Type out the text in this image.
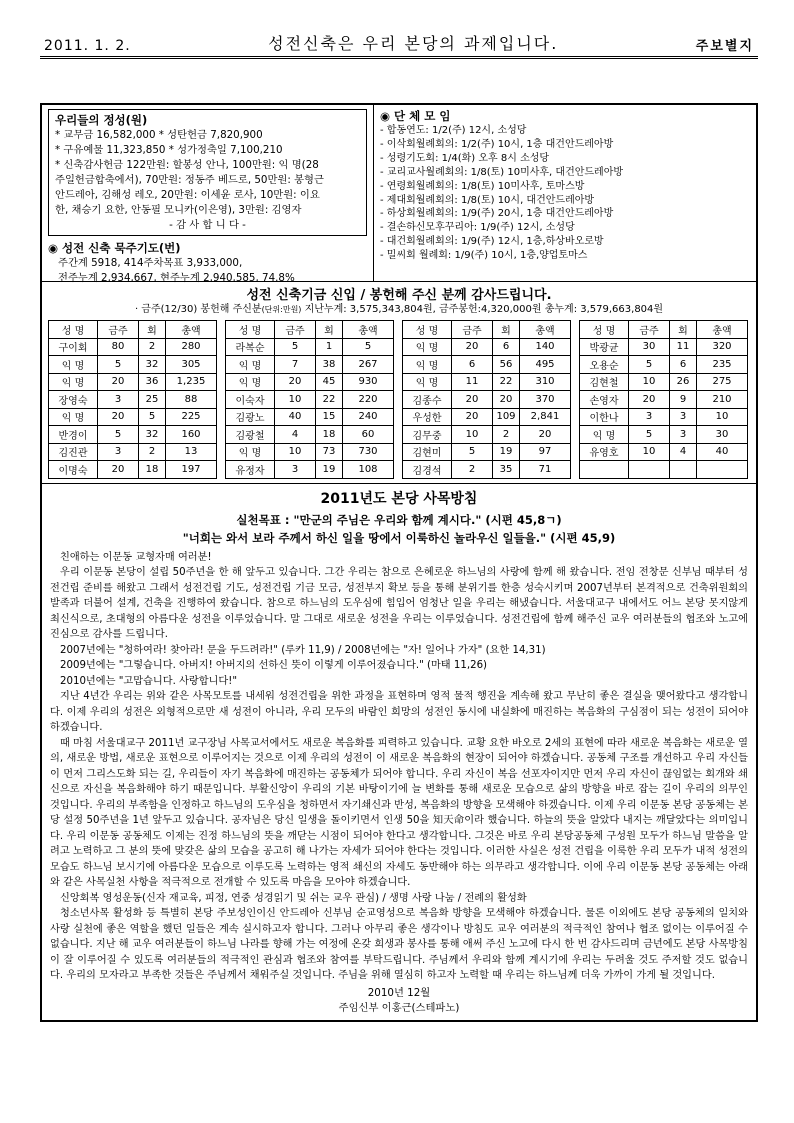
2011. 1. 2.	성전신축은 우리 본당의 과제입니다.	주보별지
우리들의 정성(원)
* 교무금 16,582,000 * 성탄헌금 7,820,900
* 구유예물 11,323,850 * 성가정축일 7,100,210
* 신축감사헌금 122만원: 할봉성 안나, 100만원: 익 명(28
주일헌금합축에서), 70만원: 정동주 베드로, 50만원: 봉형근
안드레아, 김해성 레오, 20만원: 이세윤 로사, 10만원: 이요
한, 채승기 요한, 안동필 모니카(이은영), 3만원: 김영자
- 감 사 합 니 다 -
◉ 성전 신축 묵주기도(번)
주간계 5918, 414주차목표 3,933,000,
전주누계 2,934,667, 현주누계 2,940,585, 74.8%
◉ 단 체 모 임
- 합동연도: 1/2(주) 12시, 소성당
- 이삭회월례회의: 1/2(주) 10시, 1층 대건안드레아방
- 성령기도회: 1/4(화) 오후 8시 소성당
- 교리교사월례회의: 1/8(토) 10미사후, 대건안드레아방
- 연령회월례회의: 1/8(토) 10미사후, 토마스방
- 제대회월례회의: 1/8(토) 10시, 대건안드레아방
- 하상회월례회의: 1/9(주) 20시, 1층 대건안드레아방
- 결손하신모후꾸리아: 1/9(주) 12시, 소성당
- 대건회월례회의: 1/9(주) 12시, 1층,하상바오로방
- 밀씨회 월례회: 1/9(주) 10시, 1층,양업토마스
성전 신축기금 신입 / 봉헌해 주신 분께 감사드립니다.
· 금주(12/30) 봉헌해 주신분(단위:만원) 지난누계: 3,575,343,804원, 금주봉헌:4,320,000원 총누계: 3,579,663,804원
성 명	금주	회	총액
구이회	80	2	280
익 명	5	32	305
익 명	20	36	1,235
장영숙	3	25	88
익 명	20	5	225
반경이	5	32	160
김진관	3	2	13
이명숙	20	18	197
성 명	금주	회	총액
라복순	5	1	5
익 명	7	38	267
익 명	20	45	930
이숙자	10	22	220
김광노	40	15	240
김광철	4	18	60
익 명	10	73	730
유정자	3	19	108
성 명	금주	회	총액
익 명	20	6	140
익 명	6	56	495
익 명	11	22	310
김종수	20	20	370
우성한	20	109	2,841
김무중	10	2	20
김현미	5	19	97
김경석	2	35	71
성 명	금주	회	총액
박광균	30	11	320
오용순	5	6	235
김현철	10	26	275
손영자	20	9	210
이한나	3	3	10
익 명	5	3	30
유영호	10	4	40

2011년도 본당 사목방침
실천목표 : "만군의 주님은 우리와 함께 계시다." (시편 45,8ㄱ)
"너희는 와서 보라 주께서 하신 일을 땅에서 이룩하신 놀라우신 일들을." (시편 45,9)

친애하는 이문동 교형자매 여러분!

우리 이문동 본당이 설립 50주년을 한 해 앞두고 있습니다. 그간 우리는 참으로 은혜로운 하느님의 사랑에 함께 해 왔습니다. 전임 전창문 신부님 때부터 성전건립 준비를 해왔고 그래서 성전건립 기도, 성전건립 기금 모금, 성전부지 확보 등을 통해 분위기를 한층 성숙시키며 2007년부터 본격적으로 건축위원회의 발족과 더불어 설계, 건축을 진행하여 왔습니다. 참으로 하느님의 도우심에 힘입어 엄청난 일을 우리는 해냈습니다. 서울대교구 내에서도 어느 본당 못지않게 최신식으로, 초대형의 아름다운 성전을 이루었습니다. 말 그대로 새로운 성전을 우리는 이루었습니다. 성전건립에 함께 해주신 교우 여러분들의 협조와 노고에 진심으로 감사를 드립니다.

2007년에는 "청하여라! 찾아라! 문을 두드려라!" (루카 11,9) / 2008년에는 "자! 일어나 가자" (요한 14,31)

2009년에는 "그렇습니다. 아버지! 아버지의 선하신 뜻이 이렇게 이루어졌습니다." (마태 11,26)

2010년에는 "고맙습니다. 사랑합니다!"

지난 4년간 우리는 위와 같은 사목모토를 내세워 성전건립을 위한 과정을 표현하며 영적 물적 행진을 계속해 왔고 무난히 좋은 결실을 맺어왔다고 생각합니다. 이제 우리의 성전은 외형적으로만 새 성전이 아니라, 우리 모두의 바람인 희망의 성전인 동시에 내실화에 매진하는 복음화의 구심점이 되는 성전이 되어야 하겠습니다.

때 마침 서울대교구 2011년 교구장님 사목교서에서도 새로운 복음화를 피력하고 있습니다. 교황 요한 바오로 2세의 표현에 따라 새로운 복음화는 새로운 열의, 새로운 방법, 새로운 표현으로 이루어지는 것으로 이제 우리의 성전이 이 새로운 복음화의 현장이 되어야 하겠습니다. 공동체 구조를 개선하고 우리 자신들이 먼저 그리스도화 되는 길, 우리들이 자기 복음화에 매진하는 공동체가 되어야 합니다. 우리 자신이 복음 선포자이지만 먼저 우리 자신이 끊임없는 회개와 쇄신으로 자신을 복음화해야 하기 때문입니다. 부활신앙이 우리의 기본 바탕이기에 늘 변화를 통해 새로운 모습으로 삶의 방향을 바로 잡는 길이 우리의 의무인 것입니다. 우리의 부족함을 인정하고 하느님의 도우심을 청하면서 자기쇄신과 반성, 복음화의 방향을 모색해야 하겠습니다. 이제 우리 이문동 본당 공동체는 본당 설정 50주년을 1년 앞두고 있습니다. 공자님은 당신 일생을 돌이키면서 인생 50을 知天命이라 했습니다. 하늘의 뜻을 알았다 내지는 깨달았다는 의미입니다. 우리 이문동 공동체도 이제는 진정 하느님의 뜻을 깨닫는 시점이 되어야 한다고 생각합니다. 그것은 바로 우리 본당공동체 구성원 모두가 하느님 말씀을 알려고 노력하고 그 분의 뜻에 맞갖은 삶의 모습을 공고히 해 나가는 자세가 되어야 한다는 것입니다. 이러한 사실은 성전 건립을 이룩한 우리 모두가 내적 성전의 모습도 하느님 보시기에 아름다운 모습으로 이루도록 노력하는 영적 쇄신의 자세도 동반해야 하는 의무라고 생각합니다. 이에 우리 이문동 본당 공동체는 아래와 같은 사목실천 사항을 적극적으로 전개할 수 있도록 마음을 모아야 하겠습니다.

신앙회복 영성운동(신자 재교육, 피정, 연중 성경읽기 및 쉬는 교우 관심) / 생명 사랑 나눔 / 전례의 활성화

청소년사목 활성화 등 특별히 본당 주보성인이신 안드레아 신부님 순교영성으로 복음화 방향을 모색해야 하겠습니다. 물론 이외에도 본당 공동체의 일치와 사랑 실천에 좋은 역할을 했던 일들은 계속 실시하고자 합니다. 그러나 아무리 좋은 생각이나 방침도 교우 여러분의 적극적인 참여나 협조 없이는 이루어질 수 없습니다. 지난 해 교우 여러분들이 하느님 나라를 향해 가는 여정에 온갖 희생과 봉사를 통해 애써 주신 노고에 다시 한 번 감사드리며 금년에도 본당 사목방침이 잘 이루어질 수 있도록 여러분들의 적극적인 관심과 협조와 참여를 부탁드립니다. 주님께서 우리와 함께 계시기에 우리는 두려울 것도 주저할 것도 없습니다. 우리의 모자라고 부족한 것들은 주님께서 채워주실 것입니다. 주님을 위해 열심히 하고자 노력할 때 우리는 하느님께 더욱 가까이 가게 될 것입니다.

2010년 12월
주임신부 이홍근(스테파노)
